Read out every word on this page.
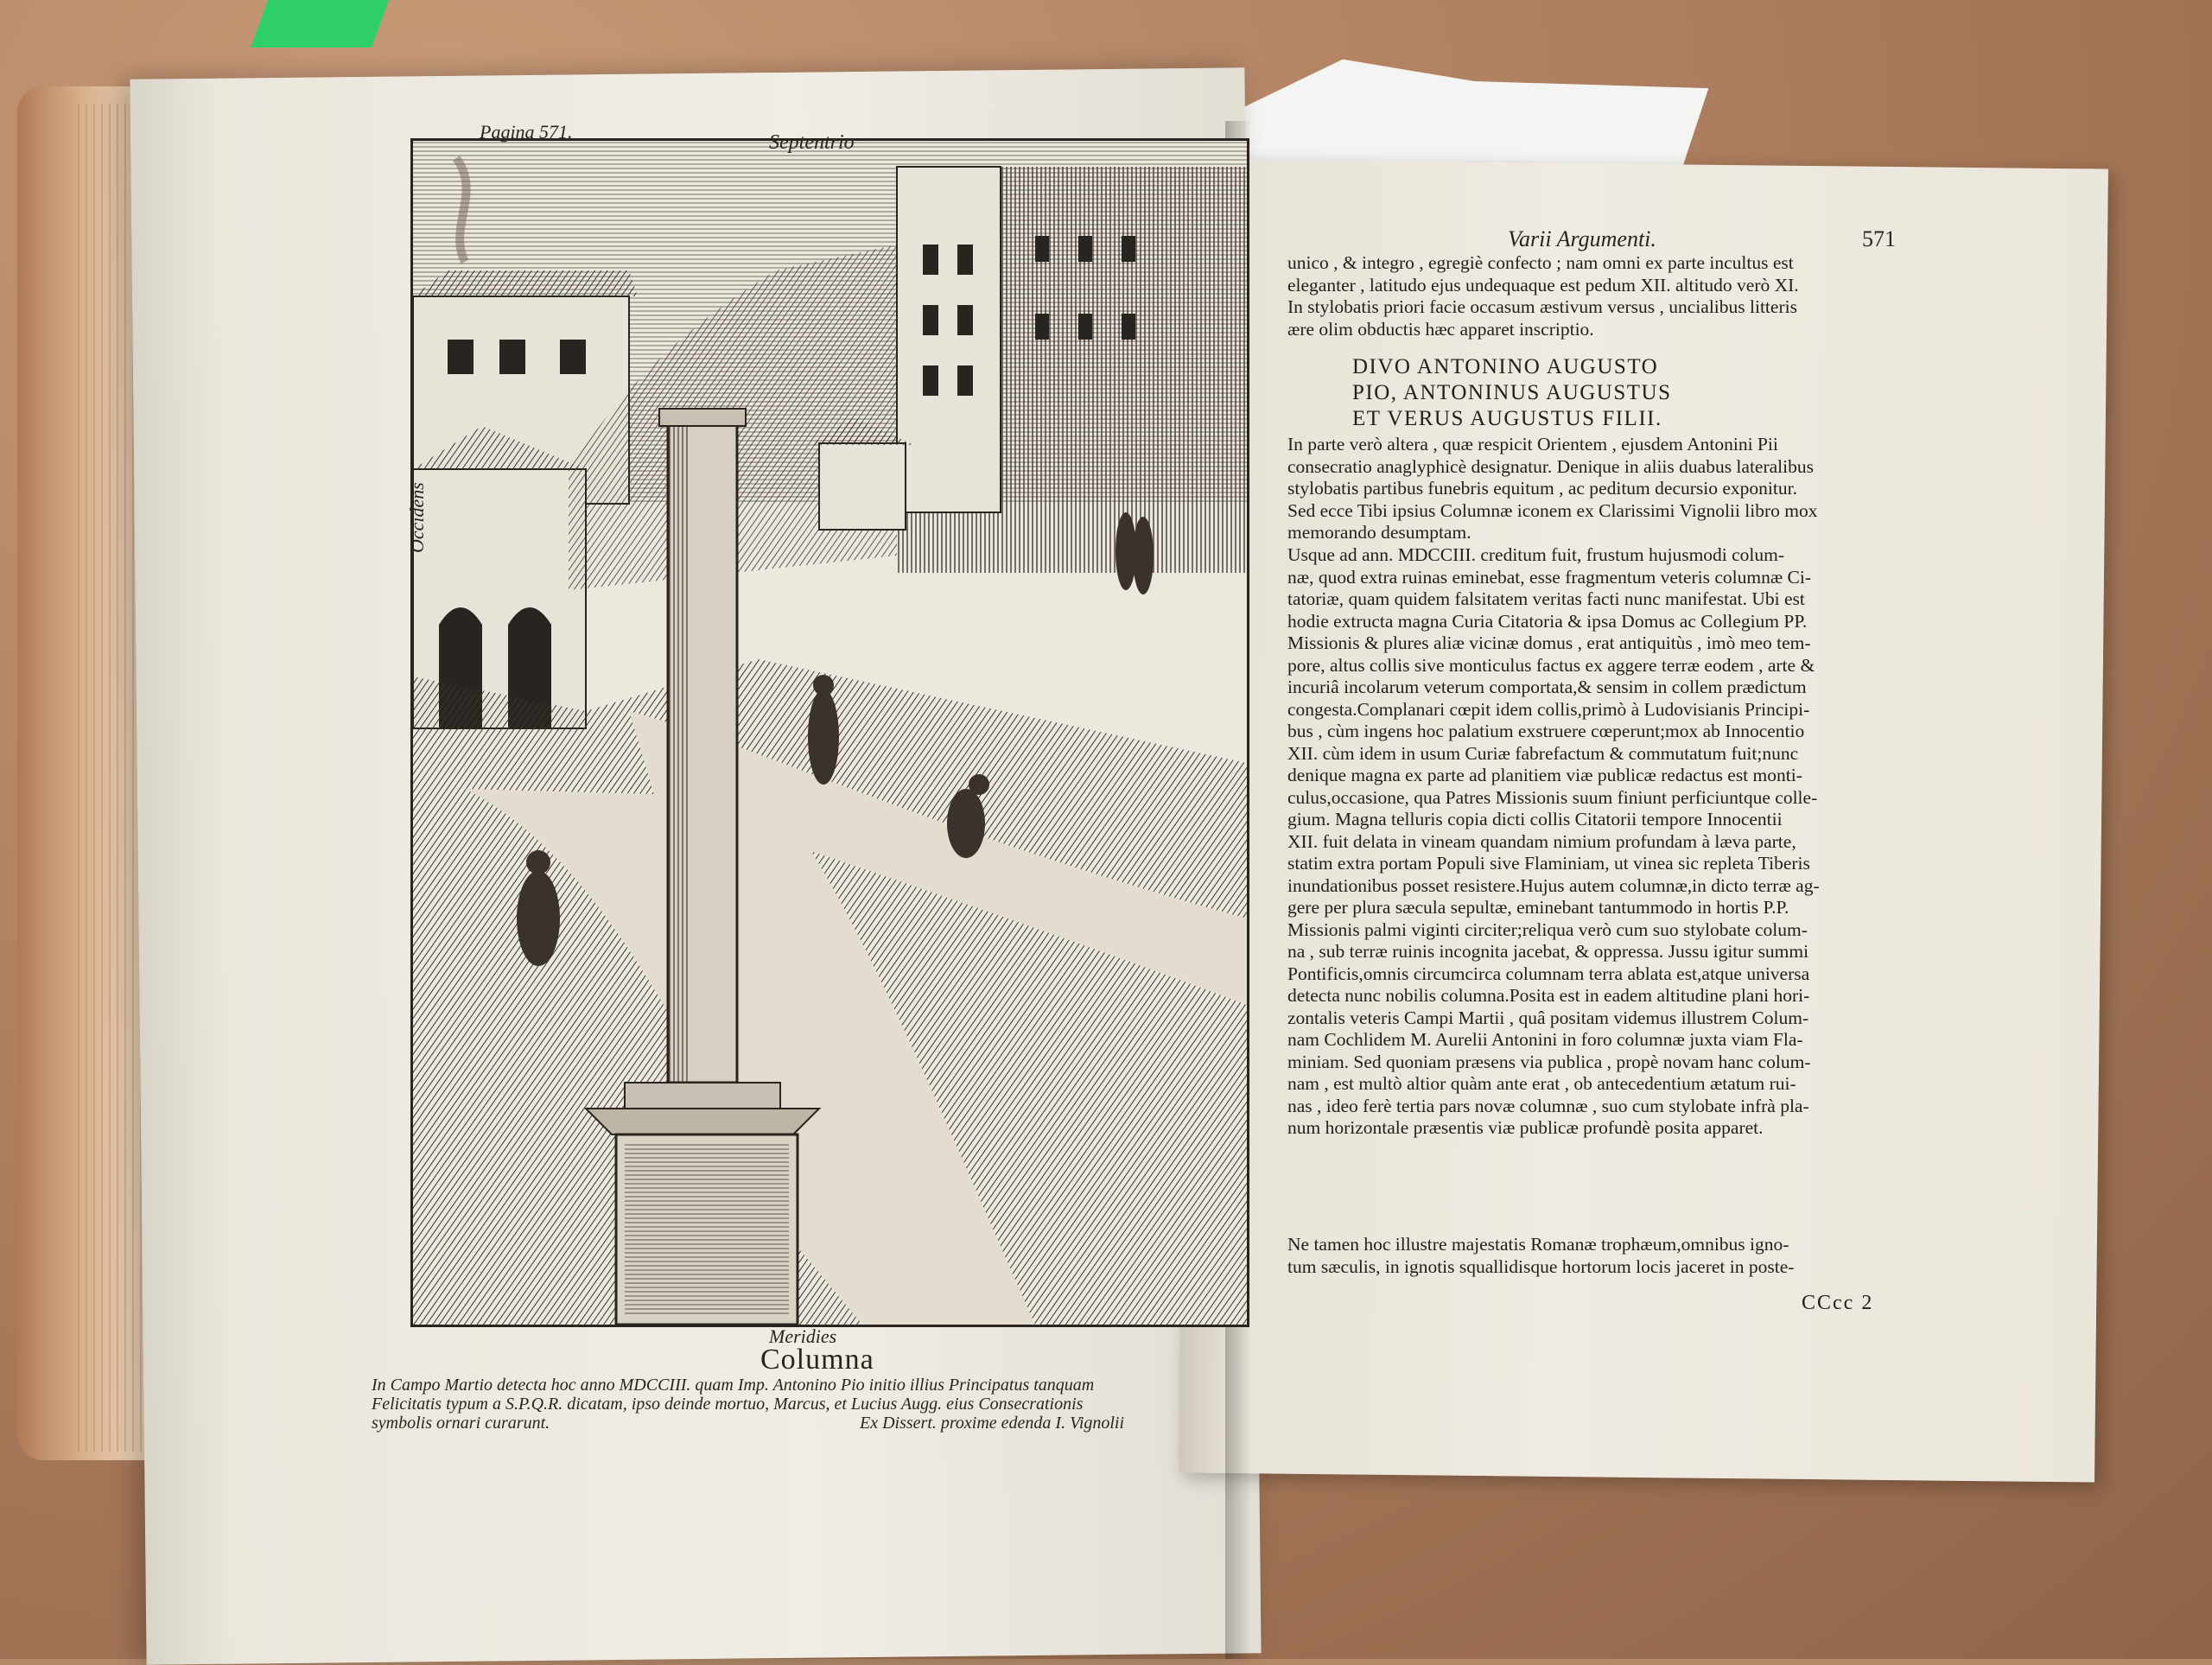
Pagina 571.	Septentrio
Occidens
Meridies
Columna
In Campo Martio detecta hoc anno MDCCIII. quam Imp. Antonino Pio initio illius Principatus tanquam
Felicitatis typum a S.P.Q.R. dicatam, ipso deinde mortuo, Marcus, et Lucius Augg. eius Consecrationis
symbolis ornari curarunt.	Ex Dissert. proxime edenda I. Vignolii
Varii Argumenti.	571
unico , & integro , egregiè confecto ; nam omni ex parte incultus est
eleganter , latitudo ejus undequaque est pedum XII. altitudo verò XI.
In stylobatis priori facie occasum æstivum versus , uncialibus litteris
ære olim obductis hæc apparet inscriptio.
DIVO ANTONINO AUGUSTO
PIO, ANTONINUS AUGUSTUS
ET VERUS AUGUSTUS FILII.
In parte verò altera , quæ respicit Orientem , ejusdem Antonini Pii
consecratio anaglyphicè designatur. Denique in aliis duabus lateralibus
stylobatis partibus funebris equitum , ac peditum decursio exponitur.
Sed ecce Tibi ipsius Columnæ iconem ex Clarissimi Vignolii libro mox
memorando desumptam.
Usque ad ann. MDCCIII. creditum fuit, frustum hujusmodi colum-
næ, quod extra ruinas eminebat, esse fragmentum veteris columnæ Ci-
tatoriæ, quam quidem falsitatem veritas facti nunc manifestat. Ubi est
hodie extructa magna Curia Citatoria & ipsa Domus ac Collegium PP.
Missionis & plures aliæ vicinæ domus , erat antiquitùs , imò meo tem-
pore, altus collis sive monticulus factus ex aggere terræ eodem , arte &
incuriâ incolarum veterum comportata,& sensim in collem prædictum
congesta.Complanari cœpit idem collis,primò à Ludovisianis Principi-
bus , cùm ingens hoc palatium exstruere cœperunt;mox ab Innocentio
XII. cùm idem in usum Curiæ fabrefactum & commutatum fuit;nunc
denique magna ex parte ad planitiem viæ publicæ redactus est monti-
culus,occasione, qua Patres Missionis suum finiunt perficiuntque colle-
gium. Magna telluris copia dicti collis Citatorii tempore Innocentii
XII. fuit delata in vineam quandam nimium profundam à læva parte,
statim extra portam Populi sive Flaminiam, ut vinea sic repleta Tiberis
inundationibus posset resistere.Hujus autem columnæ,in dicto terræ ag-
gere per plura sæcula sepultæ, eminebant tantummodo in hortis P.P.
Missionis palmi viginti circiter;reliqua verò cum suo stylobate colum-
na , sub terræ ruinis incognita jacebat, & oppressa. Jussu igitur summi
Pontificis,omnis circumcirca columnam terra ablata est,atque universa
detecta nunc nobilis columna.Posita est in eadem altitudine plani hori-
zontalis veteris Campi Martii , quâ positam videmus illustrem Colum-
nam Cochlidem M. Aurelii Antonini in foro columnæ juxta viam Fla-
miniam. Sed quoniam præsens via publica , propè novam hanc colum-
nam , est multò altior quàm ante erat , ob antecedentium ætatum rui-
nas , ideo ferè tertia pars novæ columnæ , suo cum stylobate infrà pla-
num horizontale præsentis viæ publicæ profundè posita apparet.
Ne tamen hoc illustre majestatis Romanæ trophæum,omnibus igno-
tum sæculis, in ignotis squallidisque hortorum locis jaceret in poste-
CCcc 2
